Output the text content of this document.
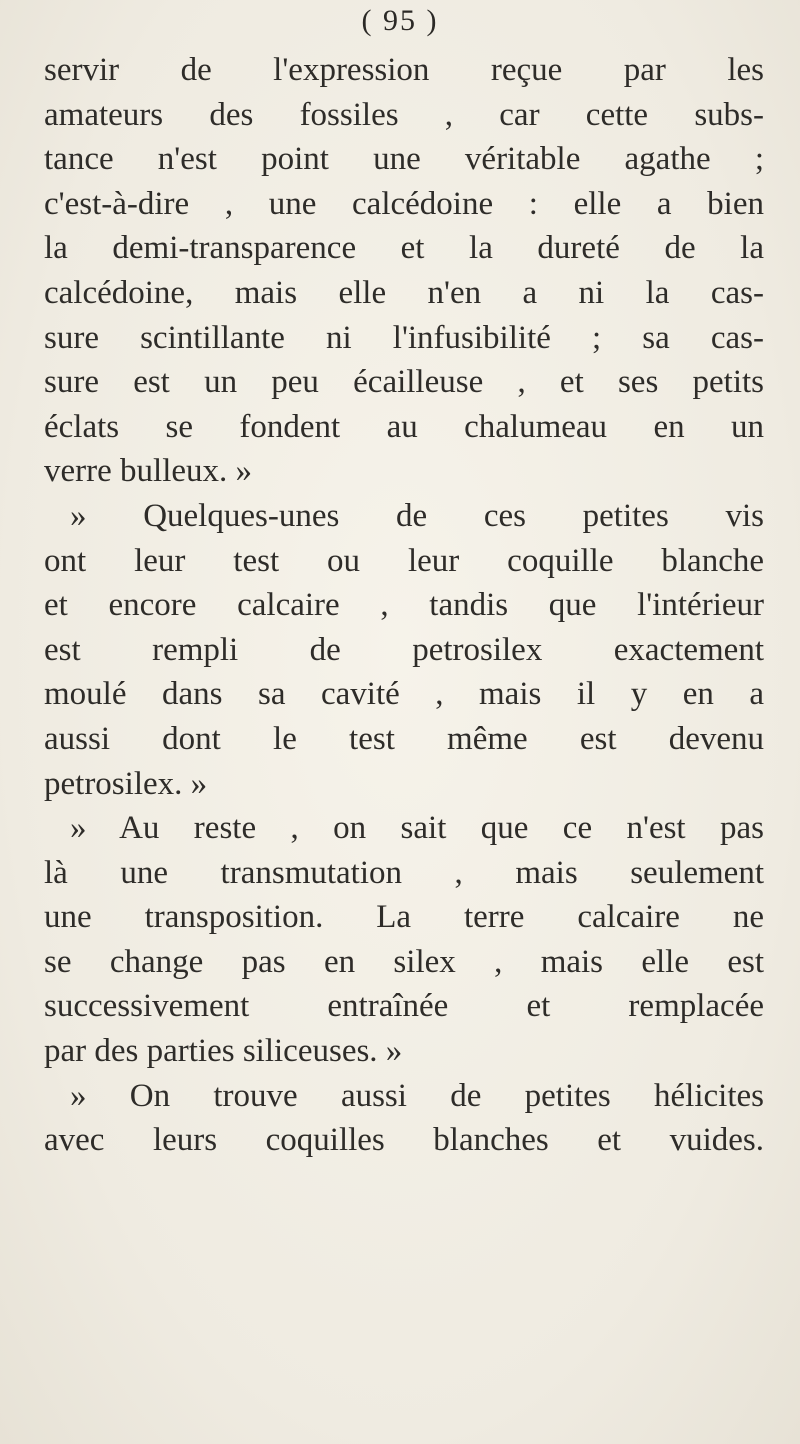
( 95 )
servir de l'expression reçue par les
amateurs des fossiles , car cette subs-
tance n'est point une véritable agathe ;
c'est-à-dire , une calcédoine : elle a bien
la demi-transparence et la dureté de la
calcédoine, mais elle n'en a ni la cas-
sure scintillante ni l'infusibilité ; sa cas-
sure est un peu écailleuse , et ses petits
éclats se fondent au chalumeau en un
verre bulleux. »
» Quelques-unes de ces petites vis
ont leur test ou leur coquille blanche
et encore calcaire , tandis que l'intérieur
est rempli de petrosilex exactement
moulé dans sa cavité , mais il y en a
aussi dont le test même est devenu
petrosilex. »
» Au reste , on sait que ce n'est pas
là une transmutation , mais seulement
une transposition. La terre calcaire ne
se change pas en silex , mais elle est
successivement entraînée et remplacée
par des parties siliceuses. »
» On trouve aussi de petites hélicites
avec leurs coquilles blanches et vuides.
